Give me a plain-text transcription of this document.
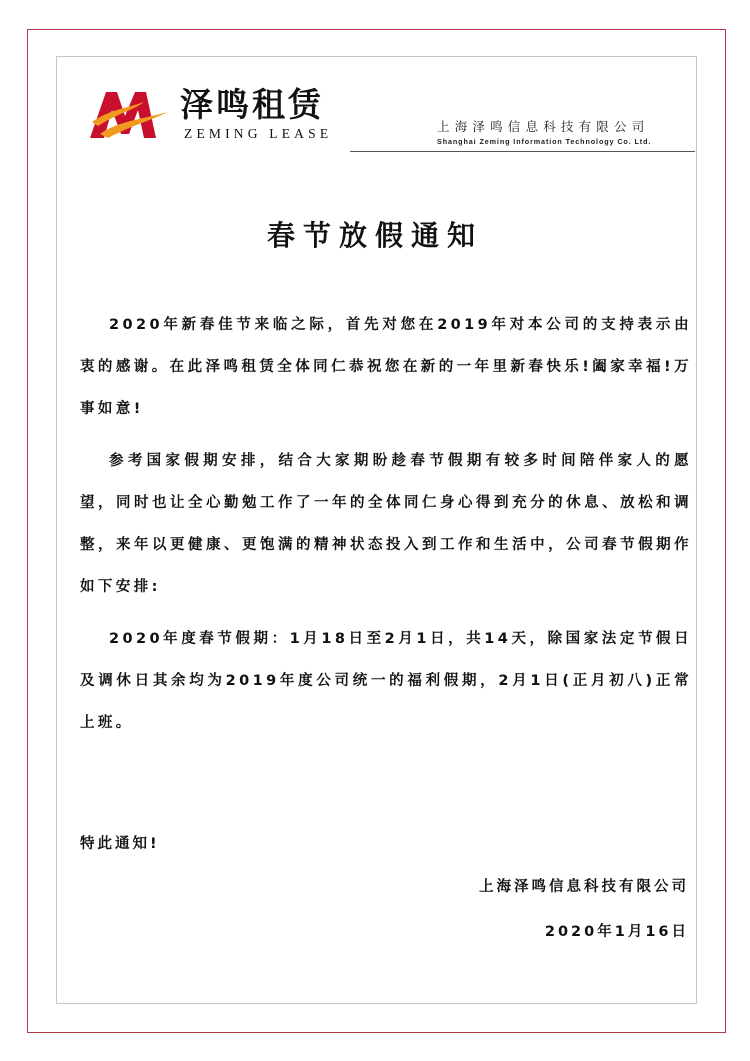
泽鸣租赁
ZEMING LEASE	上海泽鸣信息科技有限公司
Shanghai Zeming Information Technology Co. Ltd.
春节放假通知

2020年新春佳节来临之际，首先对您在2019年对本公司的支持表示由衷的感谢。在此泽鸣租赁全体同仁恭祝您在新的一年里新春快乐!阖家幸福!万事如意!

参考国家假期安排，结合大家期盼趁春节假期有较多时间陪伴家人的愿望，同时也让全心勤勉工作了一年的全体同仁身心得到充分的休息、放松和调整，来年以更健康、更饱满的精神状态投入到工作和生活中，公司春节假期作如下安排:

2020年度春节假期：1月18日至2月1日，共14天，除国家法定节假日及调休日其余均为2019年度公司统一的福利假期，2月1日(正月初八)正常上班。

特此通知!
上海泽鸣信息科技有限公司
2020年1月16日
